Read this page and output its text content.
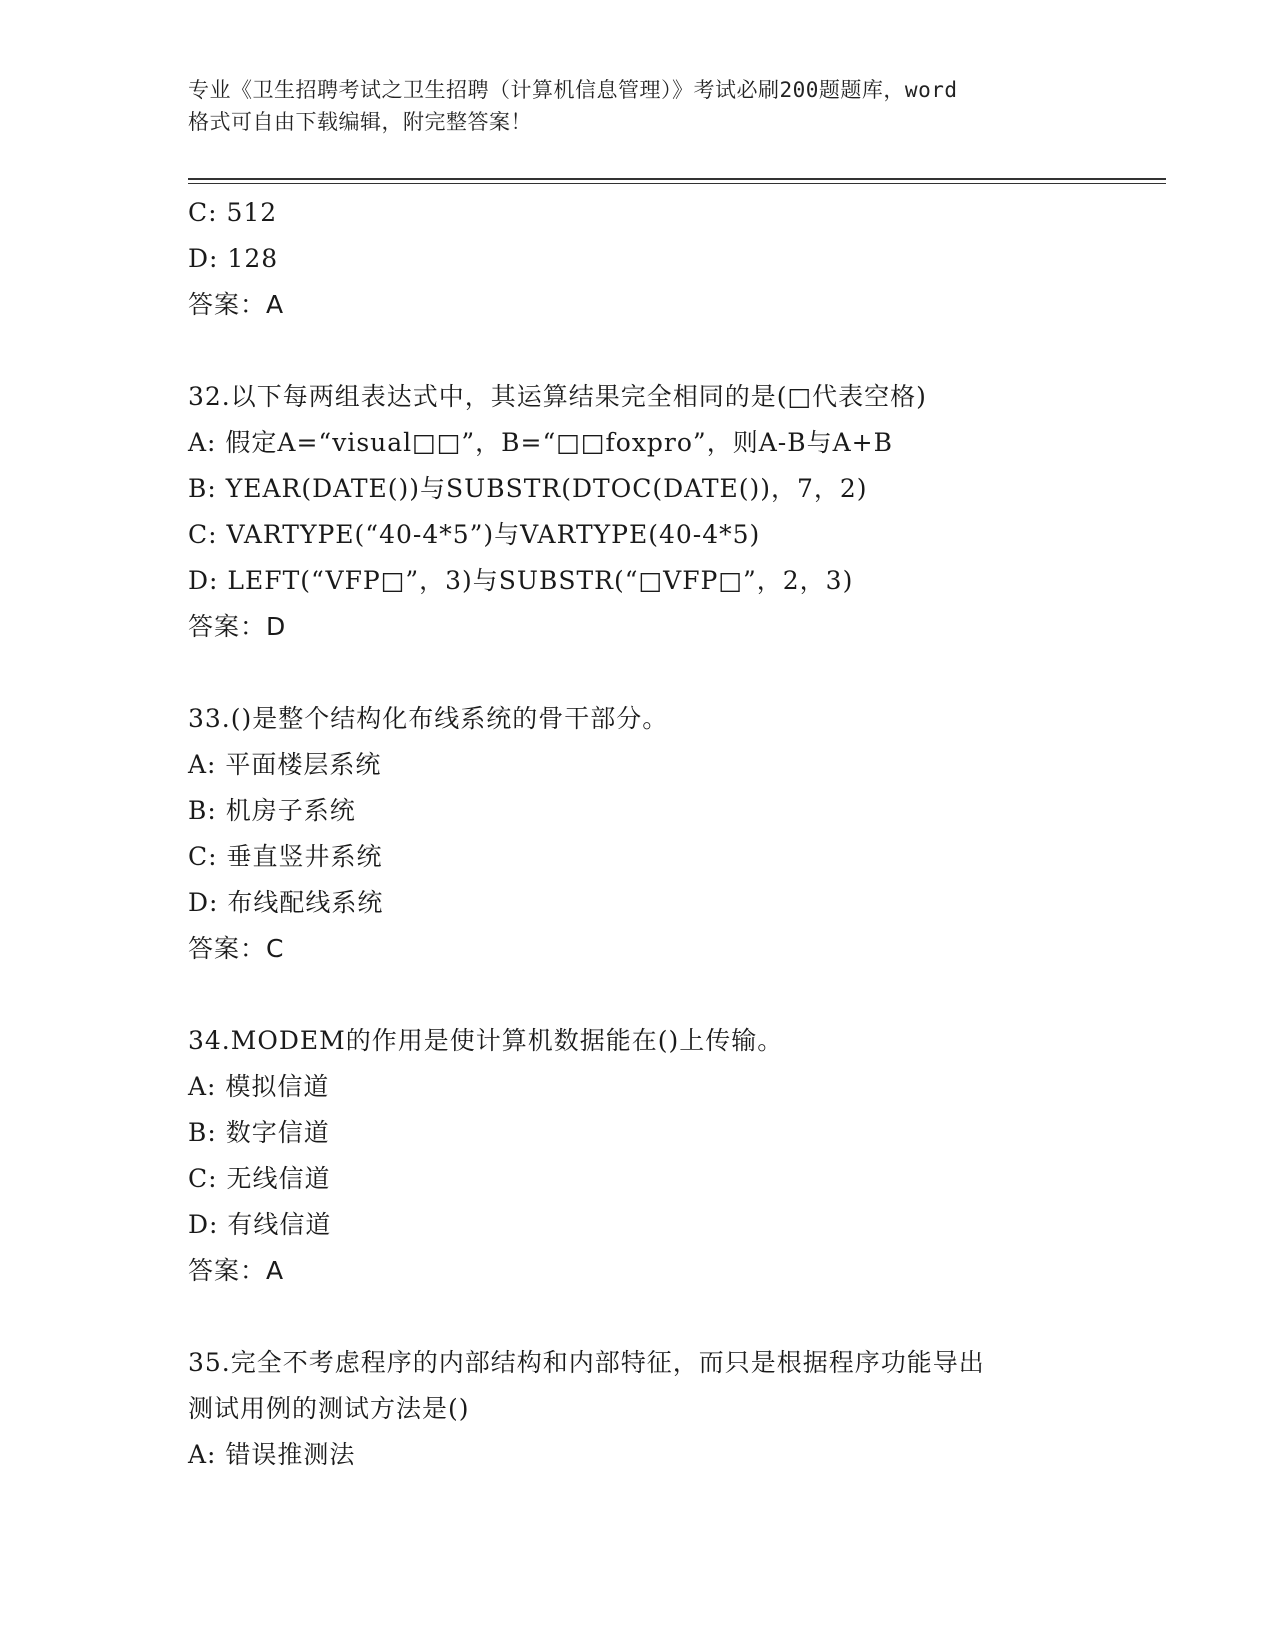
专业《卫生招聘考试之卫生招聘（计算机信息管理）》考试必刷200题题库，word
格式可自由下载编辑，附完整答案！
C: 512
D: 128
答案：A
32.以下每两组表达式中，其运算结果完全相同的是(□代表空格)
A: 假定A=“visual□□”，B=“□□foxpro”，则A-B与A+B
B: YEAR(DATE())与SUBSTR(DTOC(DATE())，7，2)
C: VARTYPE(“40-4*5”)与VARTYPE(40-4*5)
D: LEFT(“VFP□”，3)与SUBSTR(“□VFP□”，2，3)
答案：D
33.()是整个结构化布线系统的骨干部分。
A: 平面楼层系统
B: 机房子系统
C: 垂直竖井系统
D: 布线配线系统
答案：C
34.MODEM的作用是使计算机数据能在()上传输。
A: 模拟信道
B: 数字信道
C: 无线信道
D: 有线信道
答案：A
35.完全不考虑程序的内部结构和内部特征，而只是根据程序功能导出
测试用例的测试方法是()
A: 错误推测法
